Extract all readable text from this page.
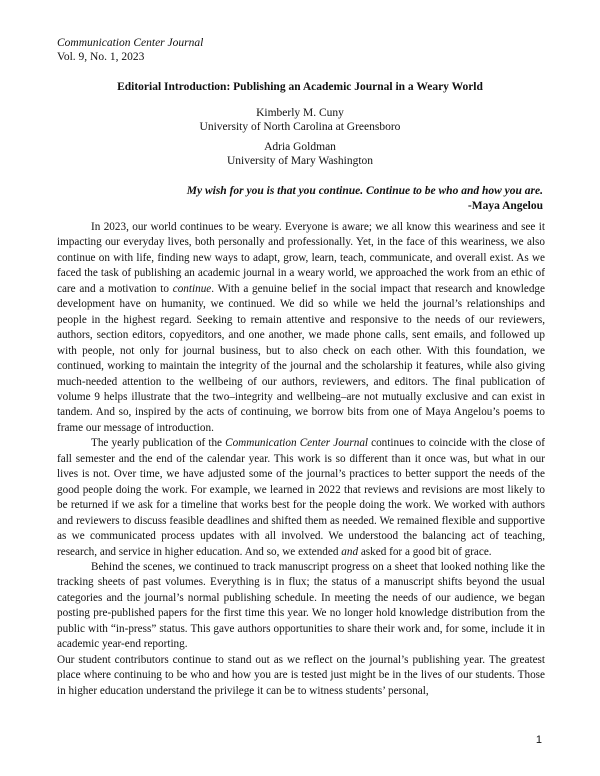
Communication Center Journal
Vol. 9, No. 1, 2023
Editorial Introduction: Publishing an Academic Journal in a Weary World
Kimberly M. Cuny
University of North Carolina at Greensboro
Adria Goldman
University of Mary Washington
My wish for you is that you continue. Continue to be who and how you are.
-Maya Angelou

In 2023, our world continues to be weary. Everyone is aware; we all know this weariness and see it impacting our everyday lives, both personally and professionally. Yet, in the face of this weariness, we also continue on with life, finding new ways to adapt, grow, learn, teach, communicate, and overall exist. As we faced the task of publishing an academic journal in a weary world, we approached the work from an ethic of care and a motivation to continue. With a genuine belief in the social impact that research and knowledge development have on humanity, we continued. We did so while we held the journal’s relationships and people in the highest regard. Seeking to remain attentive and responsive to the needs of our reviewers, authors, section editors, copyeditors, and one another, we made phone calls, sent emails, and followed up with people, not only for journal business, but to also check on each other. With this foundation, we continued, working to maintain the integrity of the journal and the scholarship it features, while also giving much-needed attention to the wellbeing of our authors, reviewers, and editors. The final publication of volume 9 helps illustrate that the two–integrity and wellbeing–are not mutually exclusive and can exist in tandem. And so, inspired by the acts of continuing, we borrow bits from one of Maya Angelou’s poems to frame our message of introduction.

The yearly publication of the Communication Center Journal continues to coincide with the close of fall semester and the end of the calendar year. This work is so different than it once was, but what in our lives is not. Over time, we have adjusted some of the journal’s practices to better support the needs of the good people doing the work. For example, we learned in 2022 that reviews and revisions are most likely to be returned if we ask for a timeline that works best for the people doing the work. We worked with authors and reviewers to discuss feasible deadlines and shifted them as needed. We remained flexible and supportive as we communicated process updates with all involved. We understood the balancing act of teaching, research, and service in higher education. And so, we extended and asked for a good bit of grace.

Behind the scenes, we continued to track manuscript progress on a sheet that looked nothing like the tracking sheets of past volumes. Everything is in flux; the status of a manuscript shifts beyond the usual categories and the journal’s normal publishing schedule. In meeting the needs of our audience, we began posting pre-published papers for the first time this year. We no longer hold knowledge distribution from the public with “in-press” status. This gave authors opportunities to share their work and, for some, include it in academic year-end reporting.

Our student contributors continue to stand out as we reflect on the journal’s publishing year. The greatest place where continuing to be who and how you are is tested just might be in the lives of our students. Those in higher education understand the privilege it can be to witness students’ personal,

1
